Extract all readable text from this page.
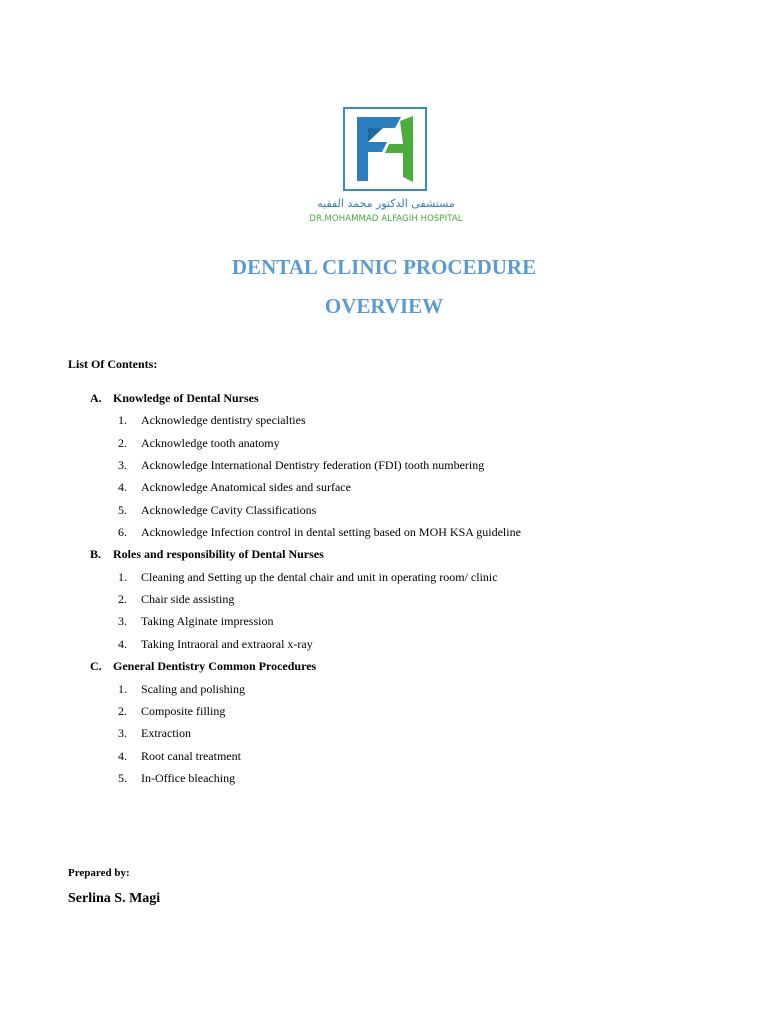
مستشفى الدكتور محمد الفقيه
DR.MOHAMMAD ALFAGIH HOSPITAL
DENTAL CLINIC PROCEDURE
OVERVIEW
List Of Contents:
A. Knowledge of Dental Nurses
1. Acknowledge dentistry specialties
2. Acknowledge tooth anatomy
3. Acknowledge International Dentistry federation (FDI) tooth numbering
4. Acknowledge Anatomical sides and surface
5. Acknowledge Cavity Classifications
6. Acknowledge Infection control in dental setting based on MOH KSA guideline
B. Roles and responsibility of Dental Nurses
1. Cleaning and Setting up the dental chair and unit in operating room/ clinic
2. Chair side assisting
3. Taking Alginate impression
4. Taking Intraoral and extraoral x-ray
C. General Dentistry Common Procedures
1. Scaling and polishing
2. Composite filling
3. Extraction
4. Root canal treatment
5. In-Office bleaching
Prepared by:
Serlina S. Magi
